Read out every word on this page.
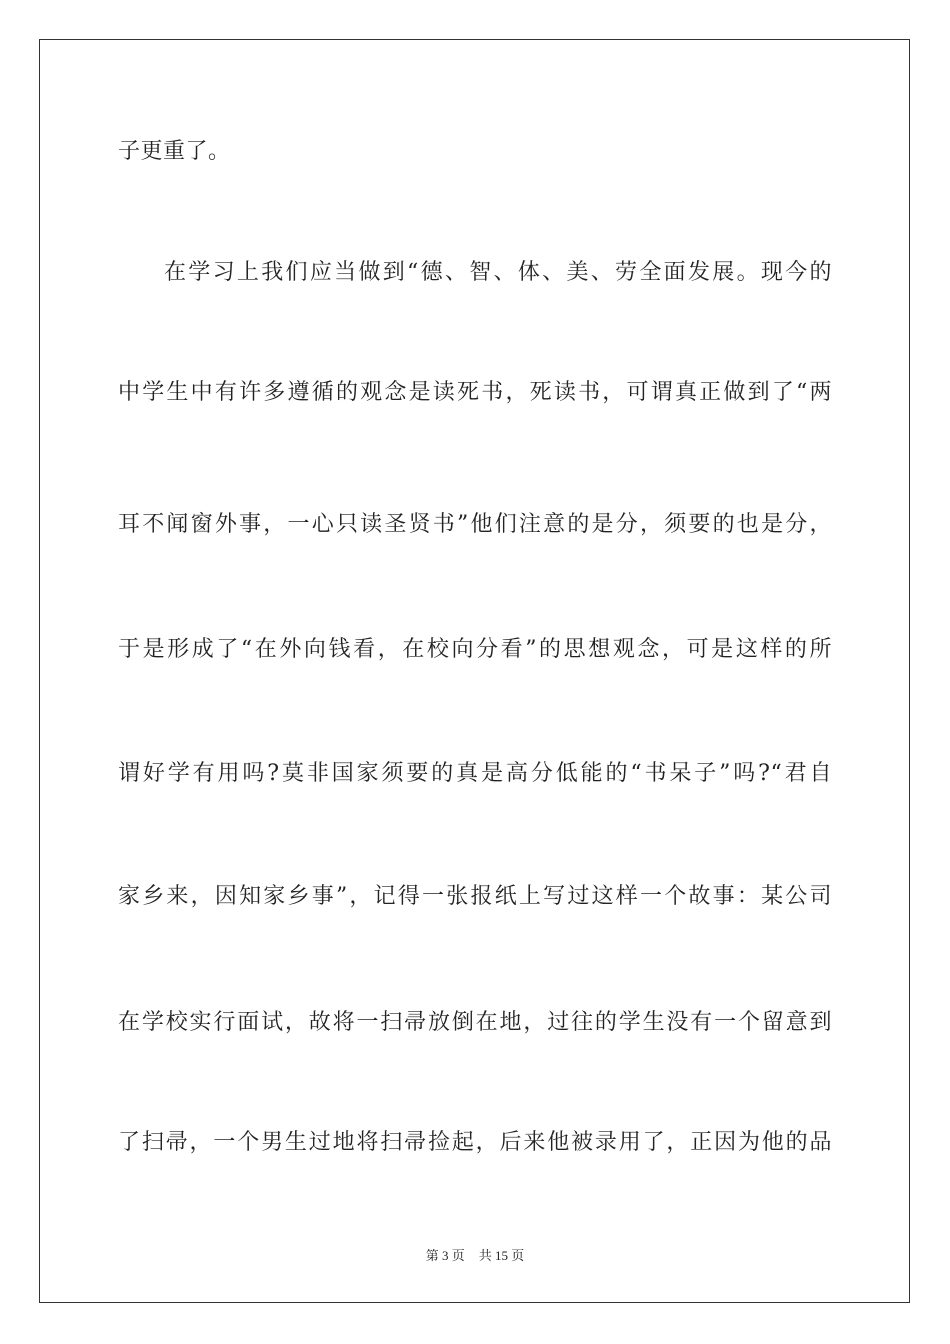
子更重了。
在学习上我们应当做到“德、智、体、美、劳全面发展。现今的
中学生中有许多遵循的观念是读死书，死读书，可谓真正做到了“两
耳不闻窗外事，一心只读圣贤书”他们注意的是分，须要的也是分，
于是形成了“在外向钱看，在校向分看”的思想观念，可是这样的所
谓好学有用吗?莫非国家须要的真是高分低能的“书呆子”吗?“君自
家乡来，因知家乡事”，记得一张报纸上写过这样一个故事：某公司
在学校实行面试，故将一扫帚放倒在地，过往的学生没有一个留意到
了扫帚，一个男生过地将扫帚捡起，后来他被录用了，正因为他的品
第 3 页 共 15 页
